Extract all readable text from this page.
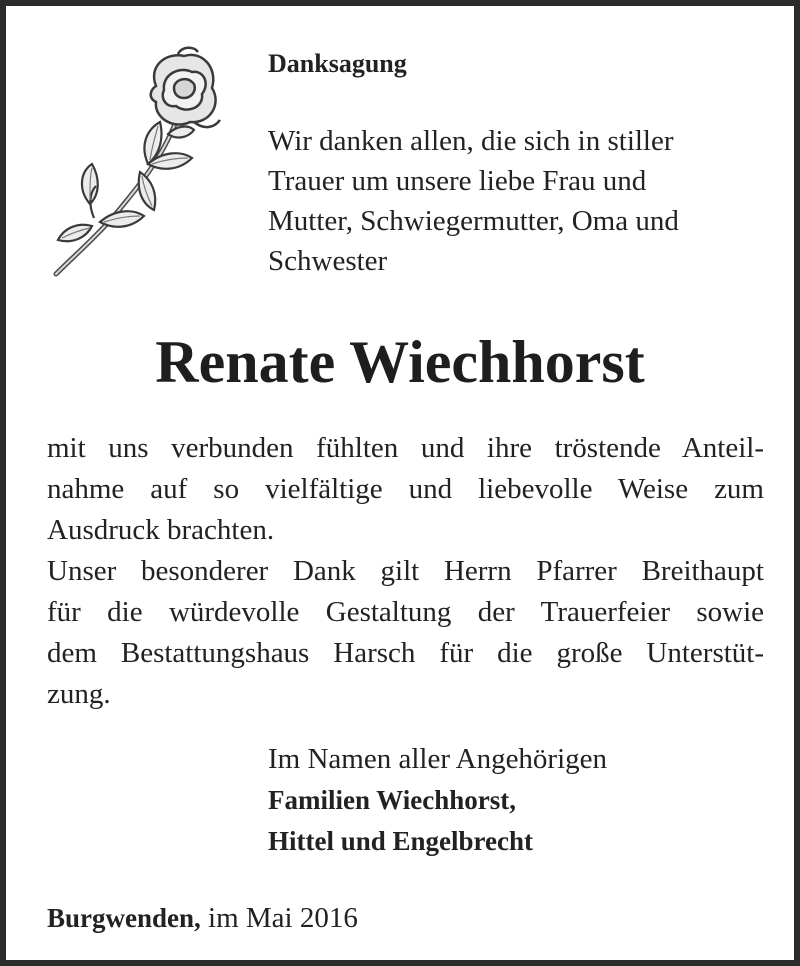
Danksagung
Wir danken allen, die sich in stiller
Trauer um unsere liebe Frau und
Mutter, Schwiegermutter, Oma und
Schwester
Renate Wiechhorst
mit uns verbunden fühlten und ihre tröstende Anteil-
nahme auf so vielfältige und liebevolle Weise zum
Ausdruck brachten.
Unser besonderer Dank gilt Herrn Pfarrer Breithaupt
für die würdevolle Gestaltung der Trauerfeier sowie
dem Bestattungshaus Harsch für die große Unterstüt-
zung.
Im Namen aller Angehörigen
Familien Wiechhorst,
Hittel und Engelbrecht
Burgwenden, im Mai 2016
